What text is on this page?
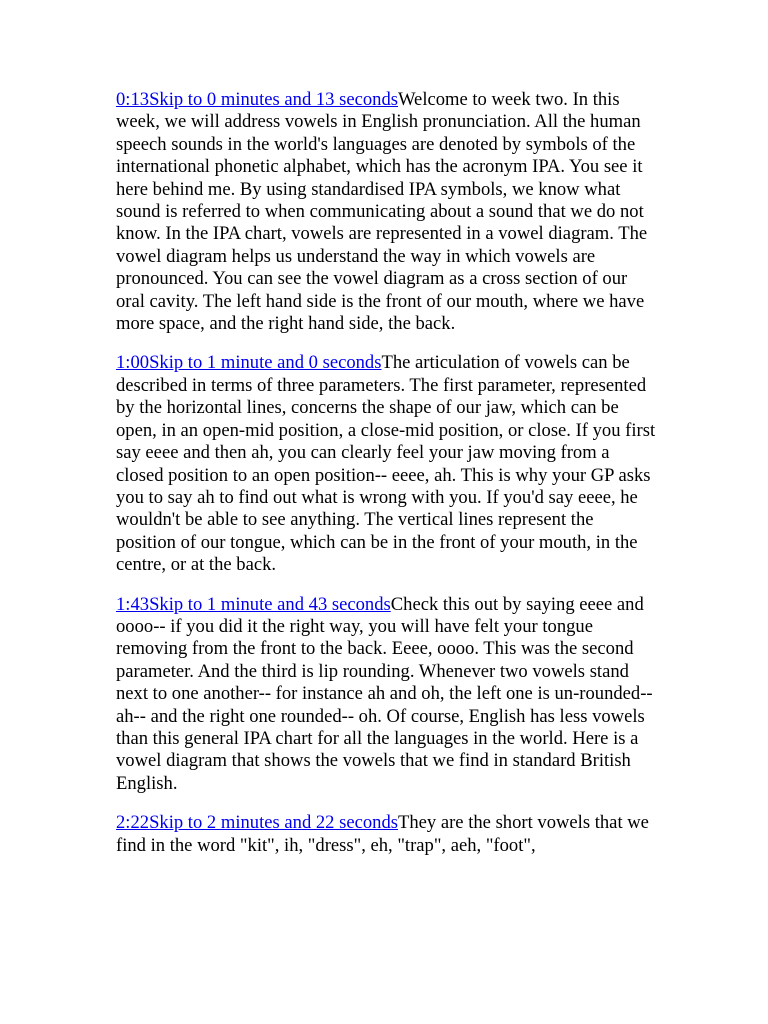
0:13Skip to 0 minutes and 13 secondsWelcome to week two. In this week, we will address vowels in English pronunciation. All the human speech sounds in the world's languages are denoted by symbols of the international phonetic alphabet, which has the acronym IPA. You see it here behind me. By using standardised IPA symbols, we know what sound is referred to when communicating about a sound that we do not know. In the IPA chart, vowels are represented in a vowel diagram. The vowel diagram helps us understand the way in which vowels are pronounced. You can see the vowel diagram as a cross section of our oral cavity. The left hand side is the front of our mouth, where we have more space, and the right hand side, the back.

1:00Skip to 1 minute and 0 secondsThe articulation of vowels can be described in terms of three parameters. The first parameter, represented by the horizontal lines, concerns the shape of our jaw, which can be open, in an open-mid position, a close-mid position, or close. If you first say eeee and then ah, you can clearly feel your jaw moving from a closed position to an open position-- eeee, ah. This is why your GP asks you to say ah to find out what is wrong with you. If you'd say eeee, he wouldn't be able to see anything. The vertical lines represent the position of our tongue, which can be in the front of your mouth, in the centre, or at the back.

1:43Skip to 1 minute and 43 secondsCheck this out by saying eeee and oooo-- if you did it the right way, you will have felt your tongue removing from the front to the back. Eeee, oooo. This was the second parameter. And the third is lip rounding. Whenever two vowels stand next to one another-- for instance ah and oh, the left one is un-rounded-- ah-- and the right one rounded-- oh. Of course, English has less vowels than this general IPA chart for all the languages in the world. Here is a vowel diagram that shows the vowels that we find in standard British English.

2:22Skip to 2 minutes and 22 secondsThey are the short vowels that we find in the word "kit", ih, "dress", eh, "trap", aeh, "foot",
